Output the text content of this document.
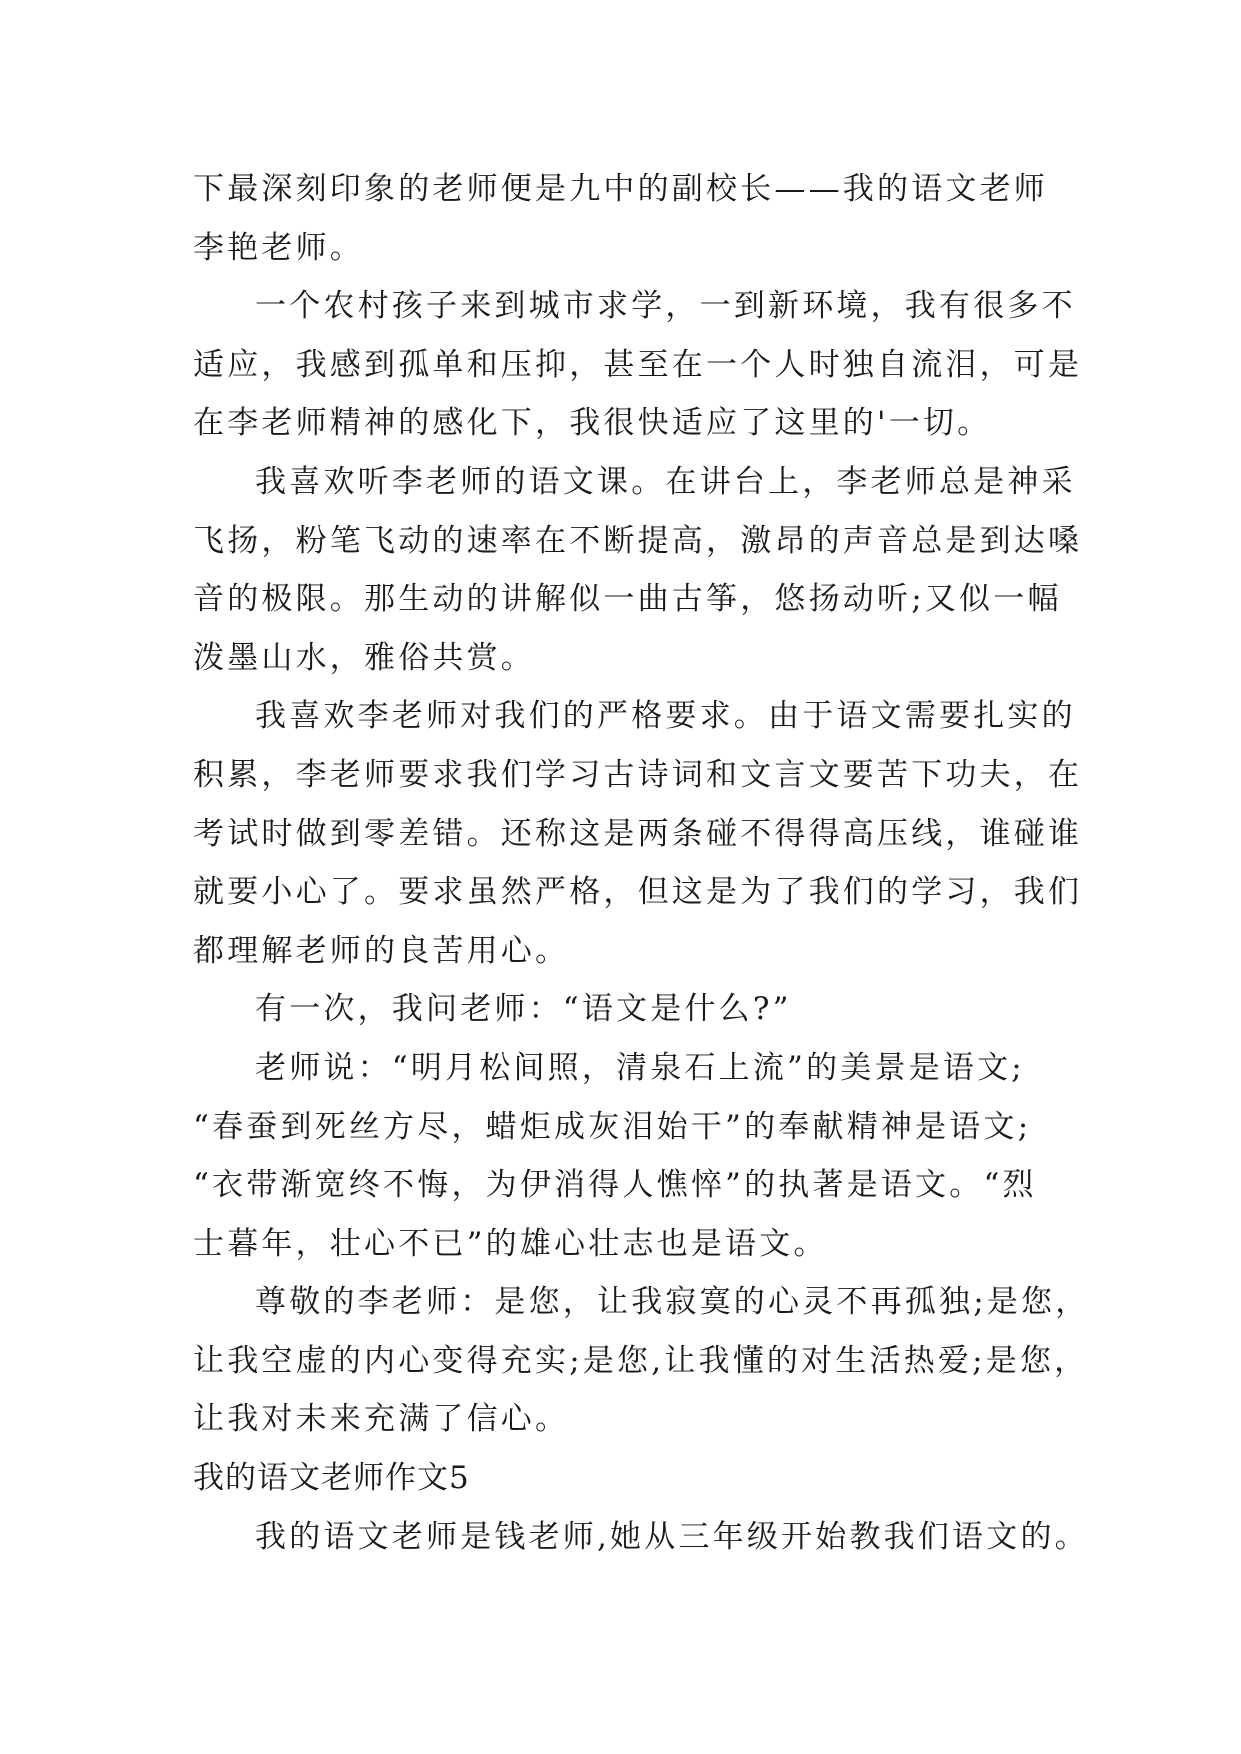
下最深刻印象的老师便是九中的副校长——我的语文老师
李艳老师。
一个农村孩子来到城市求学，一到新环境，我有很多不
适应，我感到孤单和压抑，甚至在一个人时独自流泪，可是
在李老师精神的感化下，我很快适应了这里的'一切。
我喜欢听李老师的语文课。在讲台上，李老师总是神采
飞扬，粉笔飞动的速率在不断提高，激昂的声音总是到达嗓
音的极限。那生动的讲解似一曲古筝，悠扬动听;又似一幅
泼墨山水，雅俗共赏。
我喜欢李老师对我们的严格要求。由于语文需要扎实的
积累，李老师要求我们学习古诗词和文言文要苦下功夫，在
考试时做到零差错。还称这是两条碰不得得高压线，谁碰谁
就要小心了。要求虽然严格，但这是为了我们的学习，我们
都理解老师的良苦用心。
有一次，我问老师：“语文是什么?”
老师说：“明月松间照，清泉石上流”的美景是语文;
“春蚕到死丝方尽，蜡炬成灰泪始干”的奉献精神是语文;
“衣带渐宽终不悔，为伊消得人憔悴”的执著是语文。“烈
士暮年，壮心不已”的雄心壮志也是语文。
尊敬的李老师：是您，让我寂寞的心灵不再孤独;是您，
让我空虚的内心变得充实;是您,让我懂的对生活热爱;是您，
让我对未来充满了信心。
我的语文老师作文5
我的语文老师是钱老师,她从三年级开始教我们语文的。
